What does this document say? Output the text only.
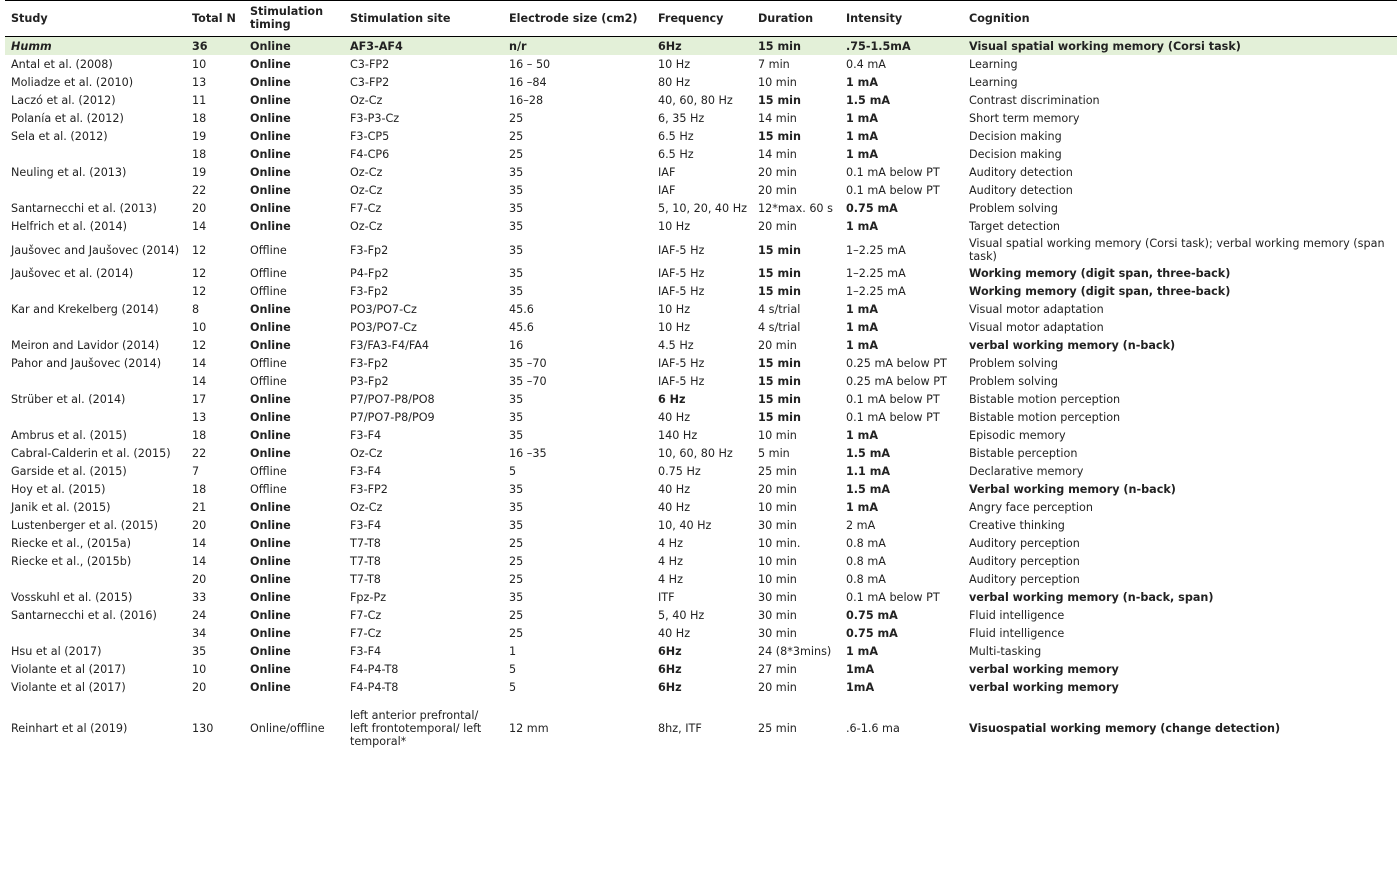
Study	Total N	Stimulation timing	Stimulation site	Electrode size (cm2)	Frequency	Duration	Intensity	Cognition
Humm	36	Online	AF3-AF4	n/r	6Hz	15 min	.75-1.5mA	Visual spatial working memory (Corsi task)
Antal et al. (2008)	10	Online	C3-FP2	16 – 50	10 Hz	7 min	0.4 mA	Learning
Moliadze et al. (2010)	13	Online	C3-FP2	16 –84	80 Hz	10 min	1 mA	Learning
Laczó et al. (2012)	11	Online	Oz-Cz	16–28	40, 60, 80 Hz	15 min	1.5 mA	Contrast discrimination
Polanía et al. (2012)	18	Online	F3-P3-Cz	25	6, 35 Hz	14 min	1 mA	Short term memory
Sela et al. (2012)	19	Online	F3-CP5	25	6.5 Hz	15 min	1 mA	Decision making
	18	Online	F4-CP6	25	6.5 Hz	14 min	1 mA	Decision making
Neuling et al. (2013)	19	Online	Oz-Cz	35	IAF	20 min	0.1 mA below PT	Auditory detection
	22	Online	Oz-Cz	35	IAF	20 min	0.1 mA below PT	Auditory detection
Santarnecchi et al. (2013)	20	Online	F7-Cz	35	5, 10, 20, 40 Hz	12*max. 60 s	0.75 mA	Problem solving
Helfrich et al. (2014)	14	Online	Oz-Cz	35	10 Hz	20 min	1 mA	Target detection
Jaušovec and Jaušovec (2014)	12	Offline	F3-Fp2	35	IAF-5 Hz	15 min	1–2.25 mA	Visual spatial working memory (Corsi task); verbal working memory (span task)
Jaušovec et al. (2014)	12	Offline	P4-Fp2	35	IAF-5 Hz	15 min	1–2.25 mA	Working memory (digit span, three-back)
	12	Offline	F3-Fp2	35	IAF-5 Hz	15 min	1–2.25 mA	Working memory (digit span, three-back)
Kar and Krekelberg (2014)	8	Online	PO3/PO7-Cz	45.6	10 Hz	4 s/trial	1 mA	Visual motor adaptation
	10	Online	PO3/PO7-Cz	45.6	10 Hz	4 s/trial	1 mA	Visual motor adaptation
Meiron and Lavidor (2014)	12	Online	F3/FA3-F4/FA4	16	4.5 Hz	20 min	1 mA	verbal working memory (n-back)
Pahor and Jaušovec (2014)	14	Offline	F3-Fp2	35 –70	IAF-5 Hz	15 min	0.25 mA below PT	Problem solving
	14	Offline	P3-Fp2	35 –70	IAF-5 Hz	15 min	0.25 mA below PT	Problem solving
Strüber et al. (2014)	17	Online	P7/PO7-P8/PO8	35	6 Hz	15 min	0.1 mA below PT	Bistable motion perception
	13	Online	P7/PO7-P8/PO9	35	40 Hz	15 min	0.1 mA below PT	Bistable motion perception
Ambrus et al. (2015)	18	Online	F3-F4	35	140 Hz	10 min	1 mA	Episodic memory
Cabral-Calderin et al. (2015)	22	Online	Oz-Cz	16 –35	10, 60, 80 Hz	5 min	1.5 mA	Bistable perception
Garside et al. (2015)	7	Offline	F3-F4	5	0.75 Hz	25 min	1.1 mA	Declarative memory
Hoy et al. (2015)	18	Offline	F3-FP2	35	40 Hz	20 min	1.5 mA	Verbal working memory (n-back)
Janik et al. (2015)	21	Online	Oz-Cz	35	40 Hz	10 min	1 mA	Angry face perception
Lustenberger et al. (2015)	20	Online	F3-F4	35	10, 40 Hz	30 min	2 mA	Creative thinking
Riecke et al., (2015a)	14	Online	T7-T8	25	4 Hz	10 min.	0.8 mA	Auditory perception
Riecke et al., (2015b)	14	Online	T7-T8	25	4 Hz	10 min	0.8 mA	Auditory perception
	20	Online	T7-T8	25	4 Hz	10 min	0.8 mA	Auditory perception
Vosskuhl et al. (2015)	33	Online	Fpz-Pz	35	ITF	30 min	0.1 mA below PT	verbal working memory (n-back, span)
Santarnecchi et al. (2016)	24	Online	F7-Cz	25	5, 40 Hz	30 min	0.75 mA	Fluid intelligence
	34	Online	F7-Cz	25	40 Hz	30 min	0.75 mA	Fluid intelligence
Hsu et al (2017)	35	Online	F3-F4	1	6Hz	24 (8*3mins)	1 mA	Multi-tasking
Violante et al (2017)	10	Online	F4-P4-T8	5	6Hz	27 min	1mA	verbal working memory
Violante et al (2017)	20	Online	F4-P4-T8	5	6Hz	20 min	1mA	verbal working memory
Reinhart et al (2019)	130	Online/offline	left anterior prefrontal/ left frontotemporal/ left temporal*	12 mm	8hz, ITF	25 min	.6-1.6 ma	Visuospatial working memory (change detection)
